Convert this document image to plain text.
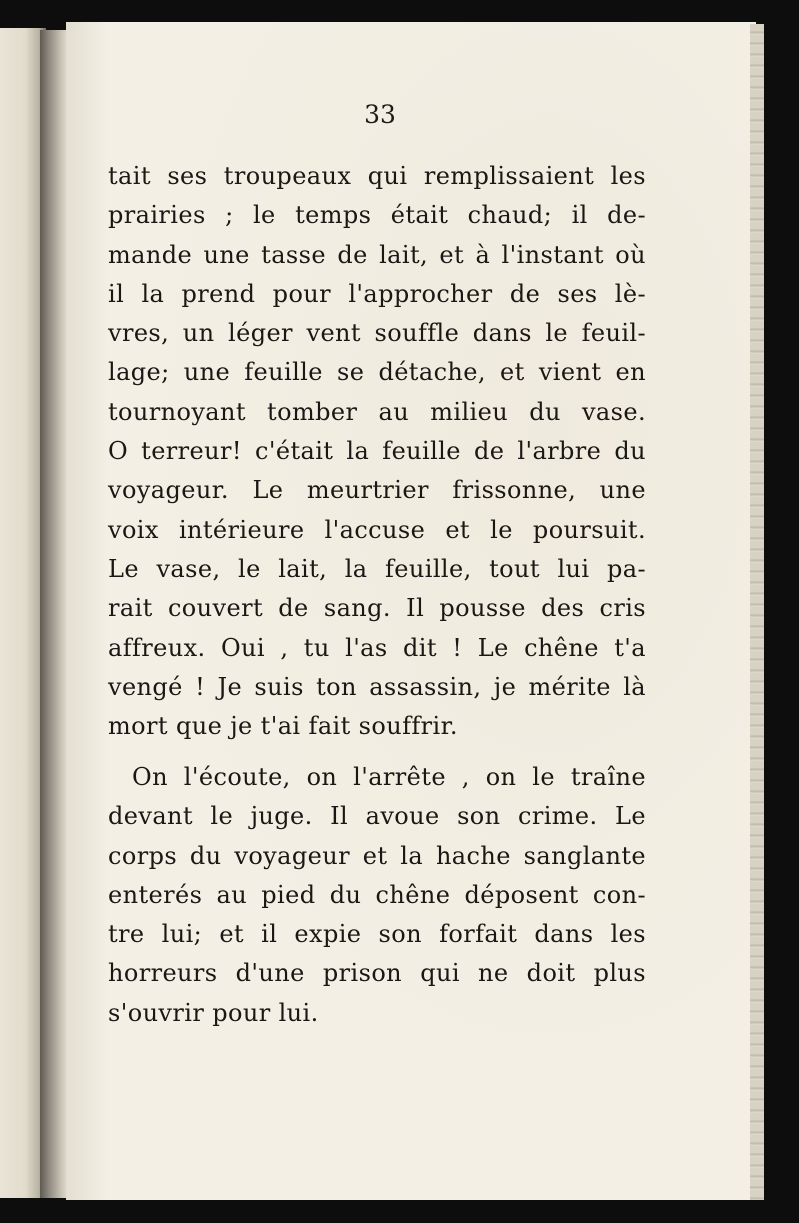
33

tait ses troupeaux qui remplissaient les
prairies ; le temps était chaud; il de-
mande une tasse de lait, et à l'instant où
il la prend pour l'approcher de ses lè-
vres, un léger vent souffle dans le feuil-
lage; une feuille se détache, et vient en
tournoyant tomber au milieu du vase.
O terreur! c'était la feuille de l'arbre du
voyageur. Le meurtrier frissonne, une
voix intérieure l'accuse et le poursuit.
Le vase, le lait, la feuille, tout lui pa-
rait couvert de sang. Il pousse des cris
affreux. Oui , tu l'as dit ! Le chêne t'a
vengé ! Je suis ton assassin, je mérite là
mort que je t'ai fait souffrir.

On l'écoute, on l'arrête , on le traîne
devant le juge. Il avoue son crime. Le
corps du voyageur et la hache sanglante
enterés au pied du chêne déposent con-
tre lui; et il expie son forfait dans les
horreurs d'une prison qui ne doit plus
s'ouvrir pour lui.
